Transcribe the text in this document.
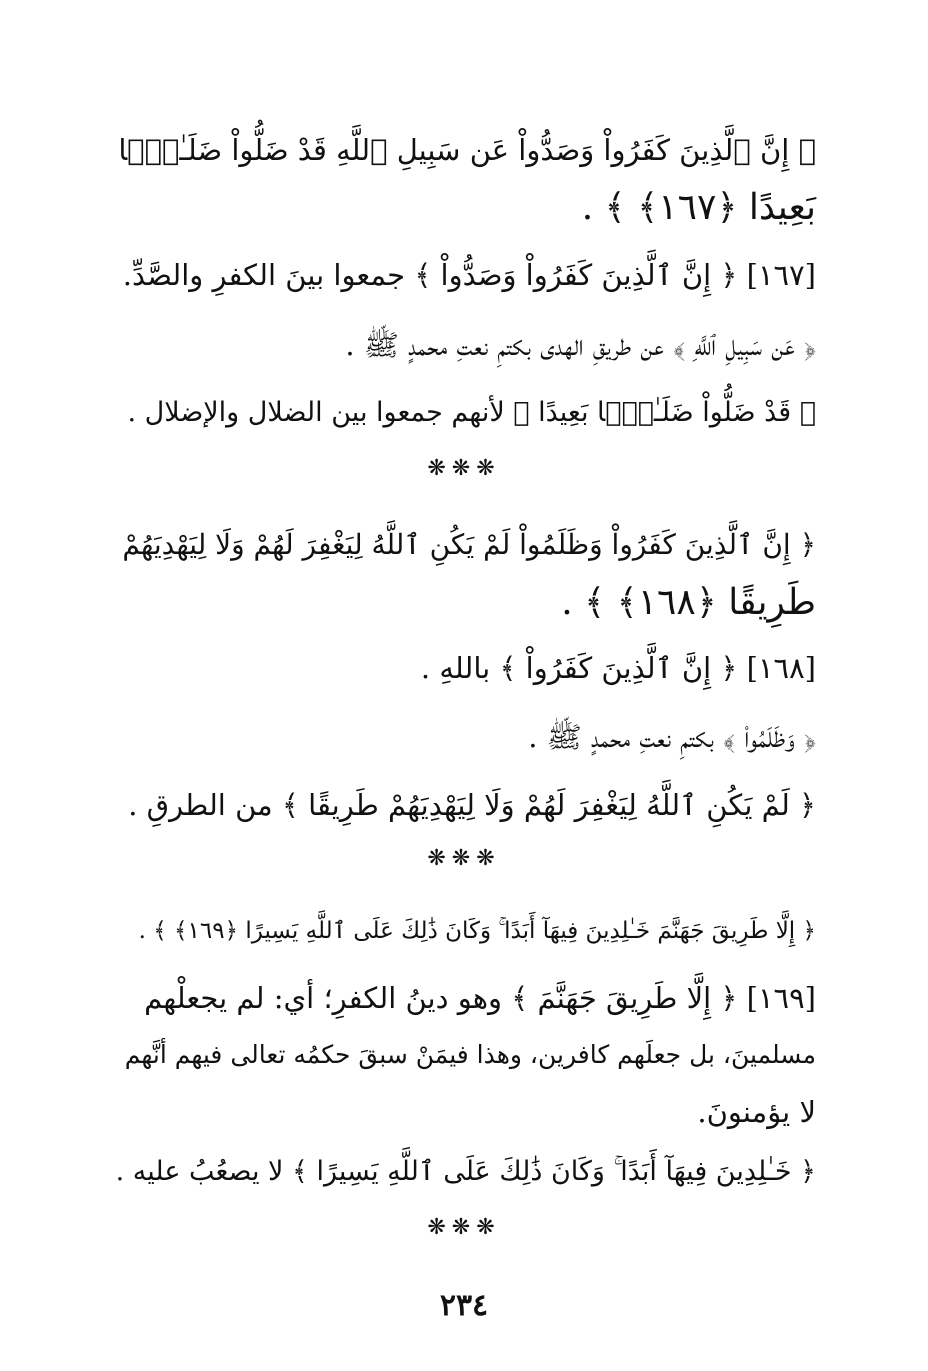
﴿ إِنَّ ٱلَّذِينَ كَفَرُواْ وَصَدُّواْ عَن سَبِيلِ ٱللَّهِ قَدْ ضَلُّواْ ضَلَـٰلَۢا
بَعِيدًا ﴿١٦٧﴾ ﴾ .
[١٦٧] ﴿ إِنَّ ٱلَّذِينَ كَفَرُواْ وَصَدُّواْ ﴾ جمعوا بينَ الكفرِ والصَّدِّ.
﴿ عَن سَبِيلِ ٱللَّهِ ﴾ عن طريقِ الهدى بكتمِ نعتِ محمدٍ ﷺ .
﴿ قَدْ ضَلُّواْ ضَلَـٰلَۢا بَعِيدًا ﴾ لأنهم جمعوا بين الضلال والإضلال .
❋❋❋
﴿ إِنَّ ٱلَّذِينَ كَفَرُواْ وَظَلَمُواْ لَمْ يَكُنِ ٱللَّهُ لِيَغْفِرَ لَهُمْ وَلَا لِيَهْدِيَهُمْ
طَرِيقًا ﴿١٦٨﴾ ﴾ .
[١٦٨] ﴿ إِنَّ ٱلَّذِينَ كَفَرُواْ ﴾ باللهِ .
﴿ وَظَلَمُواْ ﴾ بكتمِ نعتِ محمدٍ ﷺ .
﴿ لَمْ يَكُنِ ٱللَّهُ لِيَغْفِرَ لَهُمْ وَلَا لِيَهْدِيَهُمْ طَرِيقًا ﴾ من الطرقِ .
❋❋❋
﴿ إِلَّا طَرِيقَ جَهَنَّمَ خَـٰلِدِينَ فِيهَآ أَبَدًا ۚ وَكَانَ ذَٰلِكَ عَلَى ٱللَّهِ يَسِيرًا ﴿١٦٩﴾ ﴾ .
[١٦٩] ﴿ إِلَّا طَرِيقَ جَهَنَّمَ ﴾ وهو دينُ الكفرِ؛ أي: لم يجعلْهم
مسلمينَ، بل جعلَهم كافرين، وهذا فيمَنْ سبقَ حكمُه تعالى فيهم أنَّهم
لا يؤمنونَ.
﴿ خَـٰلِدِينَ فِيهَآ أَبَدًا ۚ وَكَانَ ذَٰلِكَ عَلَى ٱللَّهِ يَسِيرًا ﴾ لا يصعُبُ عليه .
❋❋❋
٢٣٤
